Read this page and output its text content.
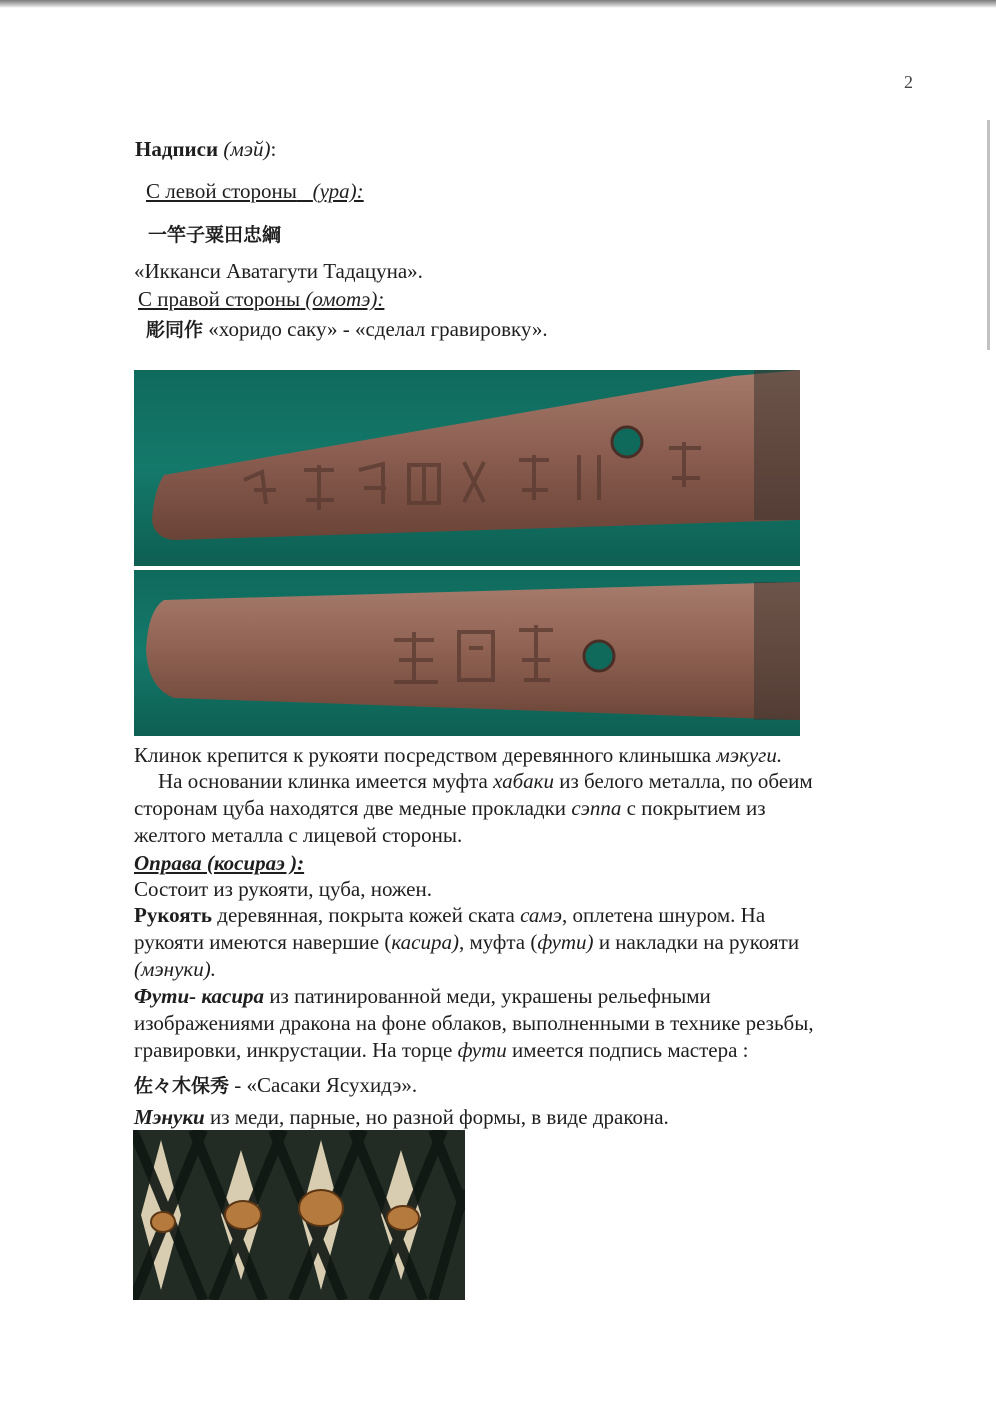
2
Надписи (мэй):
С левой стороны (ура):
一竿子粟田忠綱
«Икканси Аватагути Тадацуна».
С правой стороны (омотэ):
彫同作 «хоридо саку» - «сделал гравировку».
Клинок крепится к рукояти посредством деревянного клинышка мэкуги.
На основании клинка имеется муфта хабаки из белого металла, по обеим
сторонам цуба находятся две медные прокладки сэппа с покрытием из
желтого металла с лицевой стороны.
Оправа (косираэ ):
Состоит из рукояти, цуба, ножен.
Рукоять деревянная, покрыта кожей ската самэ, оплетена шнуром. На
рукояти имеются навершие (касира), муфта (фути) и накладки на рукояти
(мэнуки).
Фути- касира из патинированной меди, украшены рельефными
изображениями дракона на фоне облаков, выполненными в технике резьбы,
гравировки, инкрустации. На торце фути имеется подпись мастера :
佐々木保秀 - «Сасаки Ясухидэ».
Мэнуки из меди, парные, но разной формы, в виде дракона.
